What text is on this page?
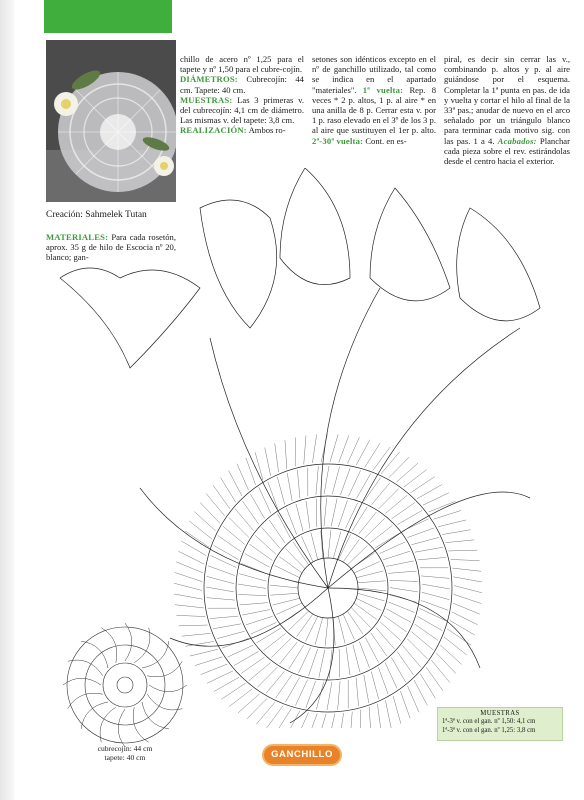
Creación: Sahmelek Tutan
MATERIALES: Para cada rosetón, aprox. 35 g de hilo de Escocia nº 20, blanco; gan-
chillo de acero nº 1,25 para el tapete y nº 1,50 para el cubre-cojín.
DIÁMETROS: Cubrecojín: 44 cm. Tapete: 40 cm.
MUESTRAS: Las 3 primeras v. del cubrecojín: 4,1 cm de diámetro. Las mismas v. del tapete: 3,8 cm.
REALIZACIÓN: Ambos ro-
setones son idénticos excepto en el nº de ganchillo utilizado, tal como se indica en el apartado "materiales". 1ª vuelta: Rep. 8 veces * 2 p. altos, 1 p. al aire * en una anilla de 8 p. Cerrar esta v. por 1 p. raso elevado en el 3º de los 3 p. al aire que sustituyen el 1er p. alto. 2ª-30ª vuelta: Cont. en es-
piral, es decir sin cerrar las v., combinando p. altos y p. al aire guiándose por el esquema. Completar la 1ª punta en pas. de ida y vuelta y cortar el hilo al final de la 33ª pas.; anudar de nuevo en el arco señalado por un triángulo blanco para terminar cada motivo sig. con las pas. 1 a 4. Acabados: Planchar cada pieza sobre el rev. estirándolas desde el centro hacia el exterior.
cubrecojín: 44 cm
tapete: 40 cm
MUESTRAS
1ª-3ª v. con el gan. nº 1,50: 4,1 cm
1ª-3ª v. con el gan. nº 1,25: 3,8 cm
GANCHILLO
